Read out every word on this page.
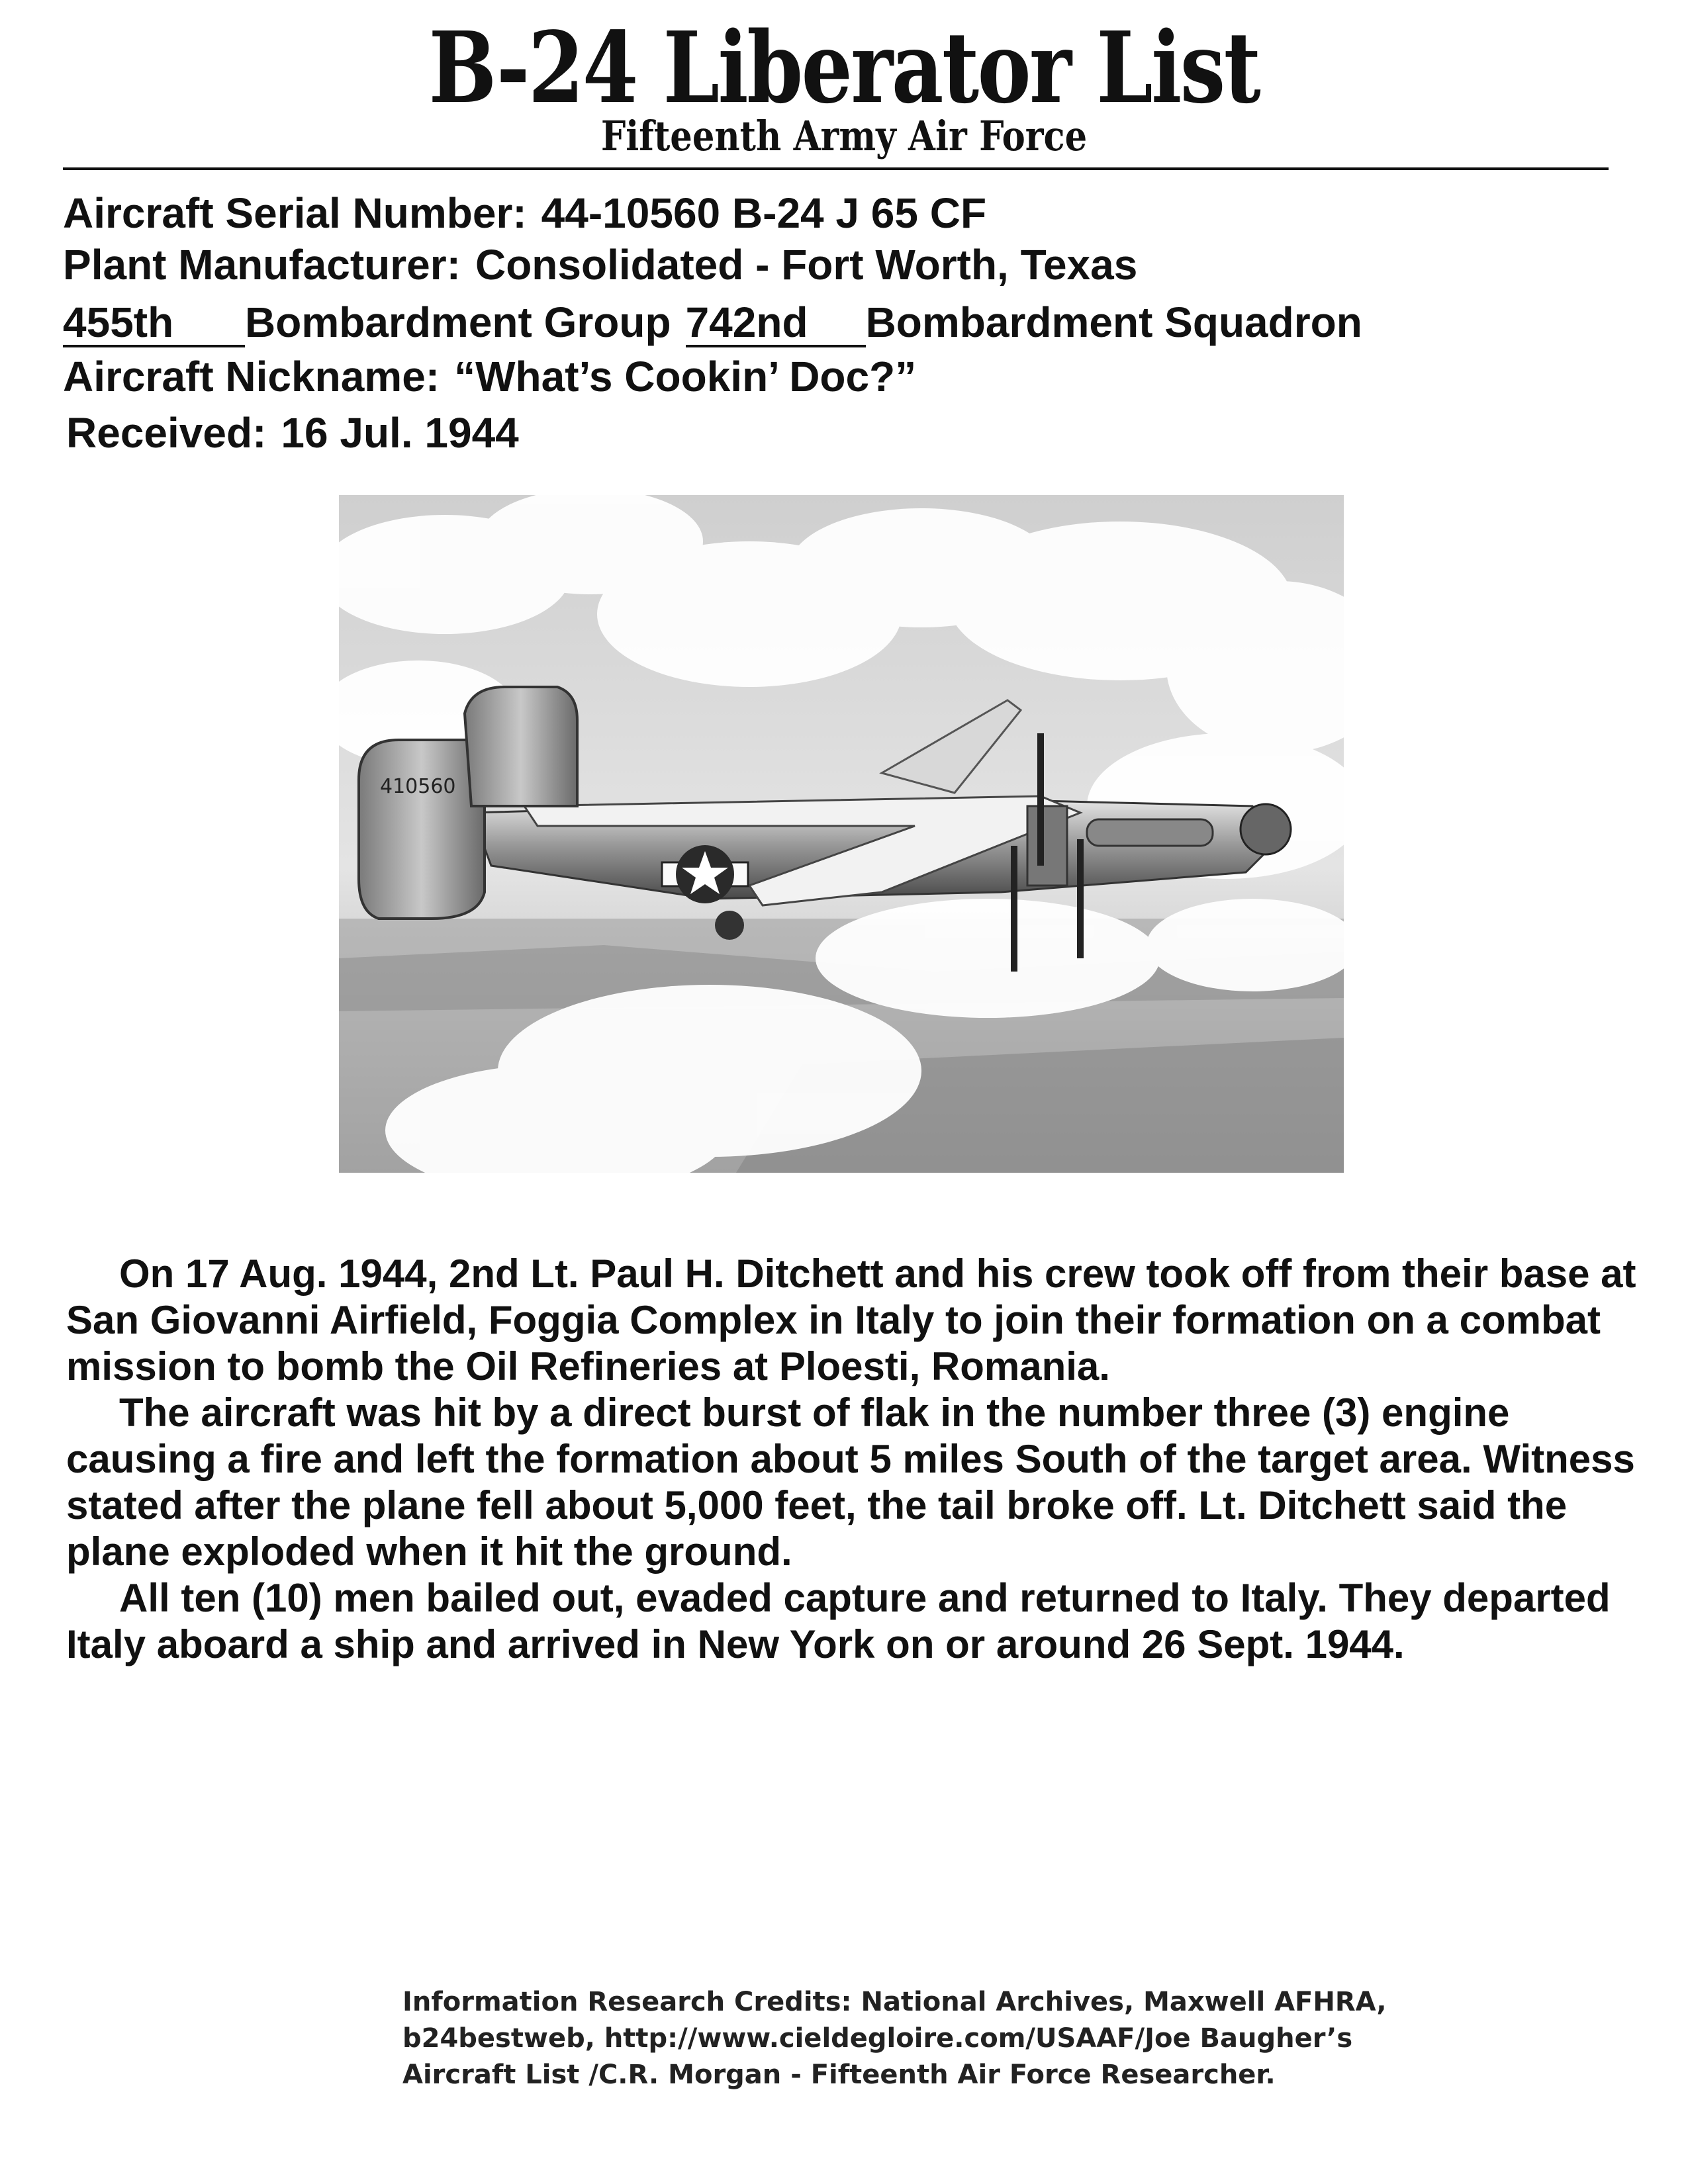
B-24 Liberator List
Fifteenth Army Air Force
Aircraft Serial Number: 44-10560 B-24 J 65 CF
Plant Manufacturer: Consolidated - Fort Worth, Texas
455th Bombardment Group 742nd Bombardment Squadron
Aircraft Nickname: “What’s Cookin’ Doc?”
Received: 16 Jul. 1944
410560

On 17 Aug. 1944, 2nd Lt. Paul H. Ditchett and his crew took off from their base at San Giovanni Airfield, Foggia Complex in Italy to join their formation on a combat mission to bomb the Oil Refineries at Ploesti, Romania.

The aircraft was hit by a direct burst of flak in the number three (3) engine causing a fire and left the formation about 5 miles South of the target area. Witness stated after the plane fell about 5,000 feet, the tail broke off. Lt. Ditchett said the plane exploded when it hit the ground.

All ten (10) men bailed out, evaded capture and returned to Italy. They departed Italy aboard a ship and arrived in New York on or around 26 Sept. 1944.

Information Research Credits: National Archives, Maxwell AFHRA, b24bestweb, http://www.cieldegloire.com/USAAF/Joe Baugher’s Aircraft List /C.R. Morgan - Fifteenth Air Force Researcher.
